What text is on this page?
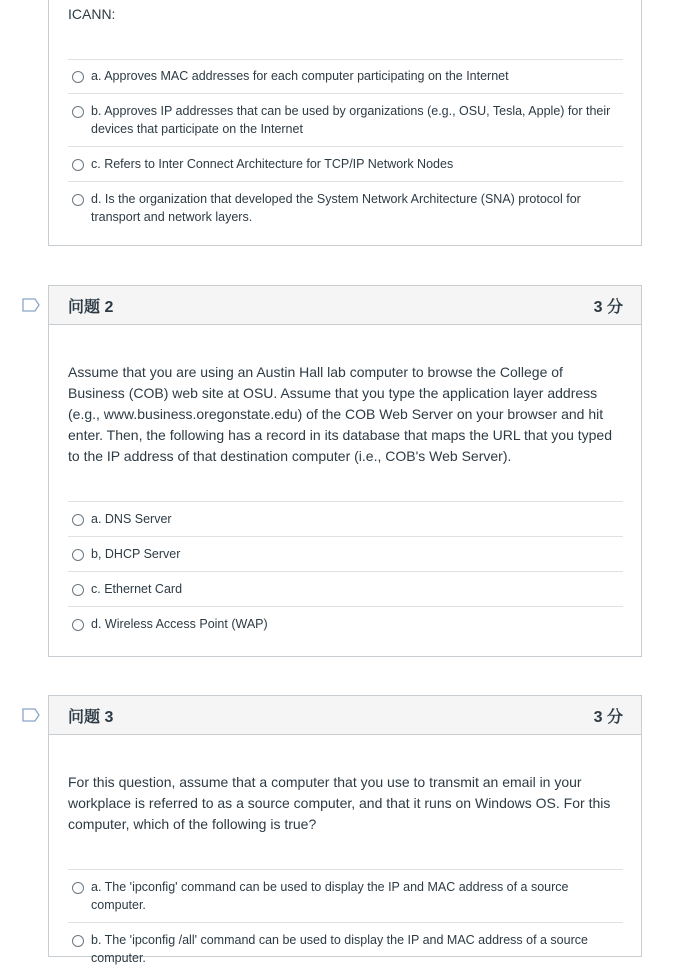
ICANN:
a. Approves MAC addresses for each computer participating on the Internet
b. Approves IP addresses that can be used by organizations (e.g., OSU, Tesla, Apple) for their devices that participate on the Internet
c. Refers to Inter Connect Architecture for TCP/IP Network Nodes
d. Is the organization that developed the System Network Architecture (SNA) protocol for transport and network layers.
问题 2	3 分
Assume that you are using an Austin Hall lab computer to browse the College of Business (COB) web site at OSU. Assume that you type the application layer address (e.g., www.business.oregonstate.edu) of the COB Web Server on your browser and hit enter. Then, the following has a record in its database that maps the URL that you typed to the IP address of that destination computer (i.e., COB's Web Server).
a. DNS Server
b, DHCP Server
c. Ethernet Card
d. Wireless Access Point (WAP)
问题 3	3 分
For this question, assume that a computer that you use to transmit an email in your workplace is referred to as a source computer, and that it runs on Windows OS. For this computer, which of the following is true?
a. The 'ipconfig' command can be used to display the IP and MAC address of a source computer.
b. The 'ipconfig /all' command can be used to display the IP and MAC address of a source computer.
